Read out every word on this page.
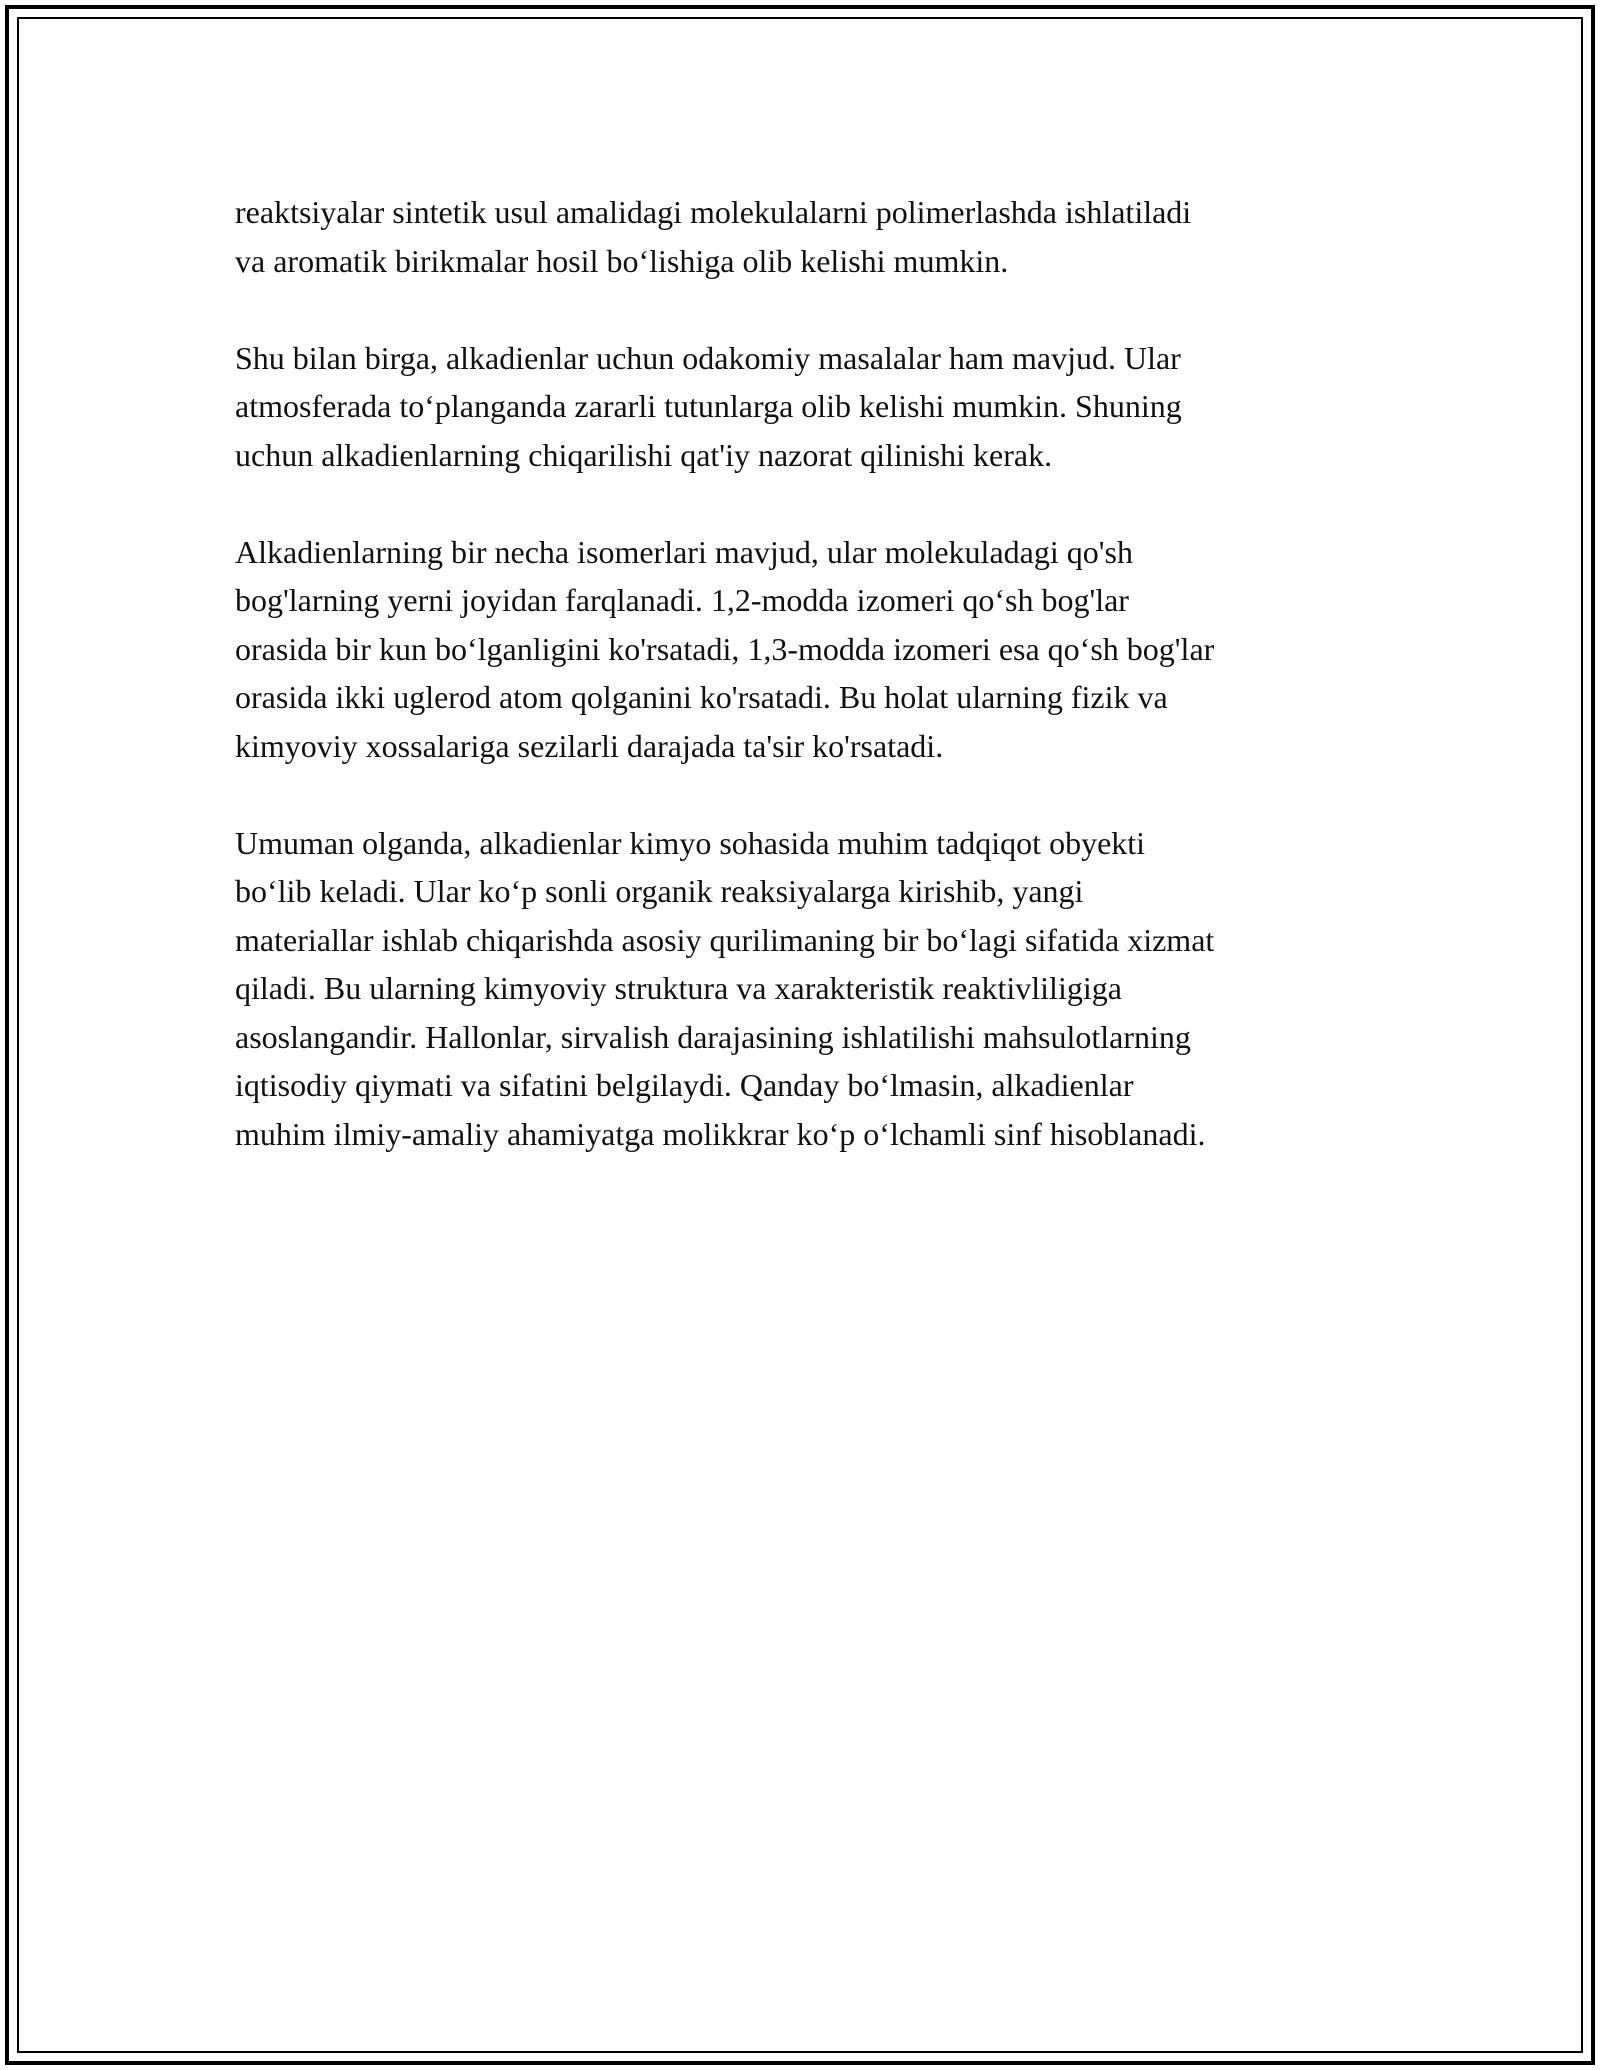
reaktsiyalar sintetik usul amalidagi molekulalarni polimerlashda ishlatiladi
va aromatik birikmalar hosil bo‘lishiga olib kelishi mumkin.

Shu bilan birga, alkadienlar uchun odakomiy masalalar ham mavjud. Ular
atmosferada to‘planganda zararli tutunlarga olib kelishi mumkin. Shuning
uchun alkadienlarning chiqarilishi qat'iy nazorat qilinishi kerak.

Alkadienlarning bir necha isomerlari mavjud, ular molekuladagi qo'sh
bog'larning yerni joyidan farqlanadi. 1,2-modda izomeri qo‘sh bog'lar
orasida bir kun bo‘lganligini ko'rsatadi, 1,3-modda izomeri esa qo‘sh bog'lar
orasida ikki uglerod atom qolganini ko'rsatadi. Bu holat ularning fizik va
kimyoviy xossalariga sezilarli darajada ta'sir ko'rsatadi.

Umuman olganda, alkadienlar kimyo sohasida muhim tadqiqot obyekti
bo‘lib keladi. Ular ko‘p sonli organik reaksiyalarga kirishib, yangi
materiallar ishlab chiqarishda asosiy qurilimaning bir bo‘lagi sifatida xizmat
qiladi. Bu ularning kimyoviy struktura va xarakteristik reaktivliligiga
asoslangandir. Hallonlar, sirvalish darajasining ishlatilishi mahsulotlarning
iqtisodiy qiymati va sifatini belgilaydi. Qanday bo‘lmasin, alkadienlar
muhim ilmiy-amaliy ahamiyatga molikkrar ko‘p o‘lchamli sinf hisoblanadi.
